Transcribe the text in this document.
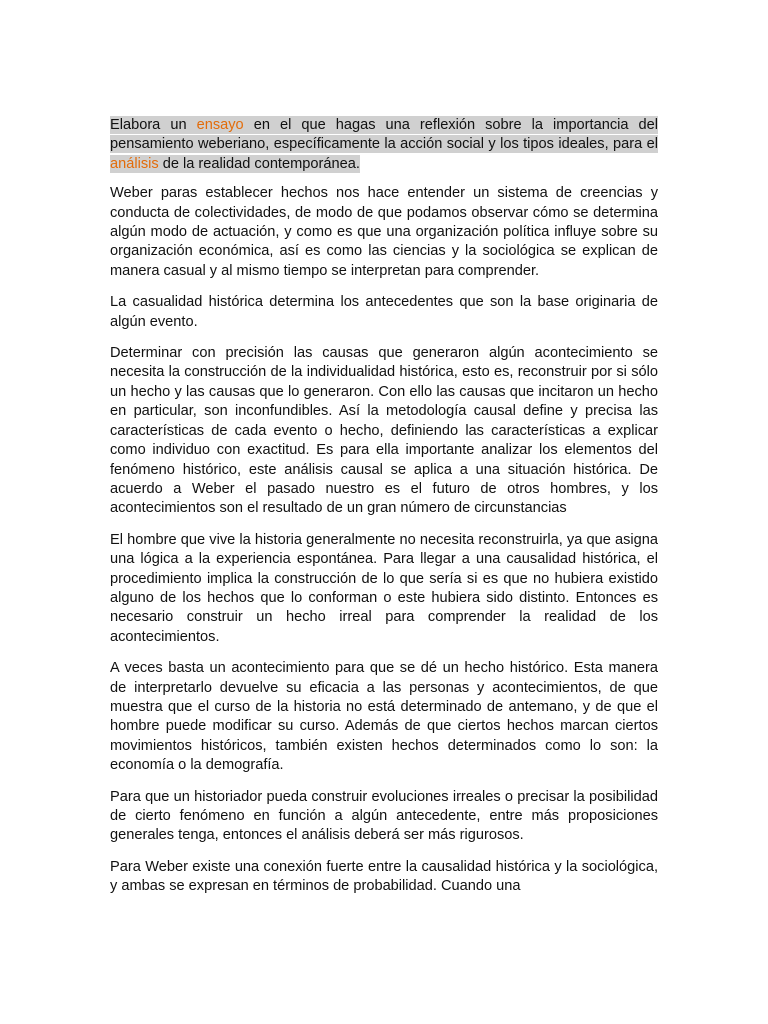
Elabora un ensayo en el que hagas una reflexión sobre la importancia del pensamiento weberiano, específicamente la acción social y los tipos ideales, para el análisis de la realidad contemporánea.

Weber paras establecer hechos nos hace entender un sistema de creencias y conducta de colectividades, de modo de que podamos observar cómo se determina algún modo de actuación, y como es que una organización política influye sobre su organización económica, así es como las ciencias y la sociológica se explican de manera casual y al mismo tiempo se interpretan para comprender.

La casualidad histórica determina los antecedentes que son la base originaria de algún evento.

Determinar con precisión las causas que generaron algún acontecimiento se necesita la construcción de la individualidad histórica, esto es, reconstruir por si sólo un hecho y las causas que lo generaron. Con ello las causas que incitaron un hecho en particular, son inconfundibles. Así la metodología causal define y precisa las características de cada evento o hecho, definiendo las características a explicar como individuo con exactitud. Es para ella importante analizar los elementos del fenómeno histórico, este análisis causal se aplica a una situación histórica. De acuerdo a Weber el pasado nuestro es el futuro de otros hombres, y los acontecimientos son el resultado de un gran número de circunstancias

El hombre que vive la historia generalmente no necesita reconstruirla, ya que asigna una lógica a la experiencia espontánea. Para llegar a una causalidad histórica, el procedimiento implica la construcción de lo que sería si es que no hubiera existido alguno de los hechos que lo conforman o este hubiera sido distinto. Entonces es necesario construir un hecho irreal para comprender la realidad de los acontecimientos.

A veces basta un acontecimiento para que se dé un hecho histórico. Esta manera de interpretarlo devuelve su eficacia a las personas y acontecimientos, de que muestra que el curso de la historia no está determinado de antemano, y de que el hombre puede modificar su curso. Además de que ciertos hechos marcan ciertos movimientos históricos, también existen hechos determinados como lo son: la economía o la demografía.

Para que un historiador pueda construir evoluciones irreales o precisar la posibilidad de cierto fenómeno en función a algún antecedente, entre más proposiciones generales tenga, entonces el análisis deberá ser más rigurosos.

Para Weber existe una conexión fuerte entre la causalidad histórica y la sociológica, y ambas se expresan en términos de probabilidad. Cuando una
